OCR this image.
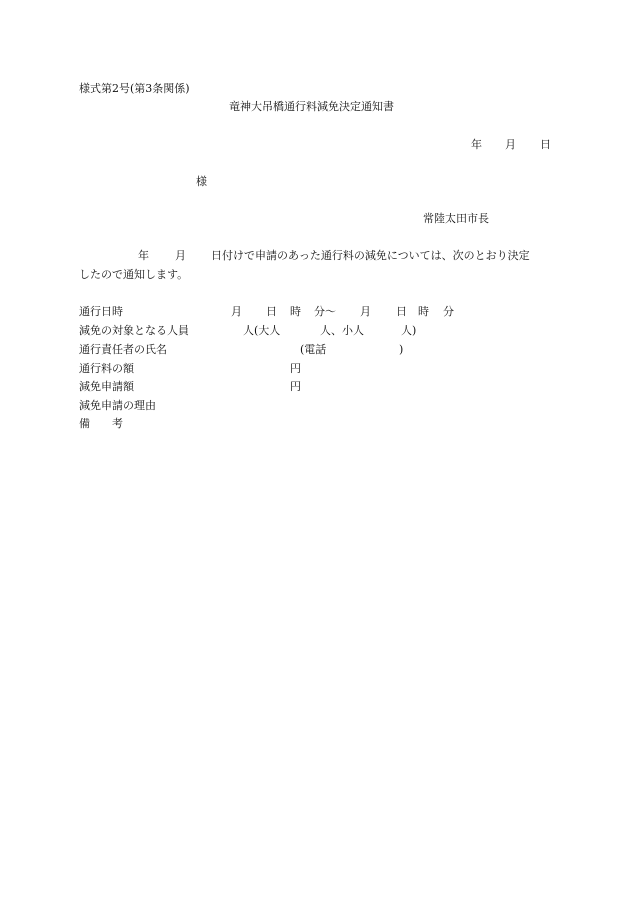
様式第2号(第3条関係)
竜神大吊橋通行料減免決定通知書
年 月 日
様
常陸太田市長
年 月 日付けで申請のあった通行料の減免については、次のとおり決定
したので通知します。
通行日時	月 日 時 分〜 月 日 時 分
減免の対象となる人員	人(大人	人、小人	人)
通行責任者の氏名	(電話	)
通行料の額	円
減免申請額	円
減免申請の理由
備　　考
